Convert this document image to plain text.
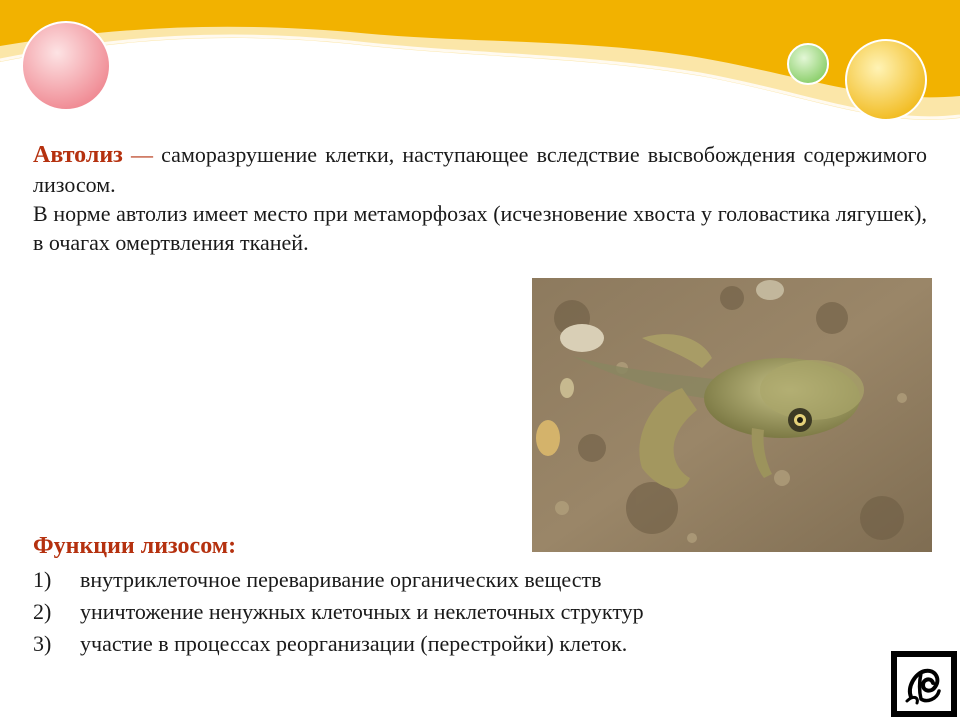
Автолиз — саморазрушение клетки, наступающее вследствие высвобождения содержимого лизосом.

В норме автолиз имеет место при метаморфозах (исчезновение хвоста у головастика лягушек), в очагах омертвления тканей.

Функции лизосом:
1)	внутриклеточное переваривание органических веществ
2)	уничтожение ненужных клеточных и неклеточных структур
3)	участие в процессах реорганизации (перестройки) клеток.
